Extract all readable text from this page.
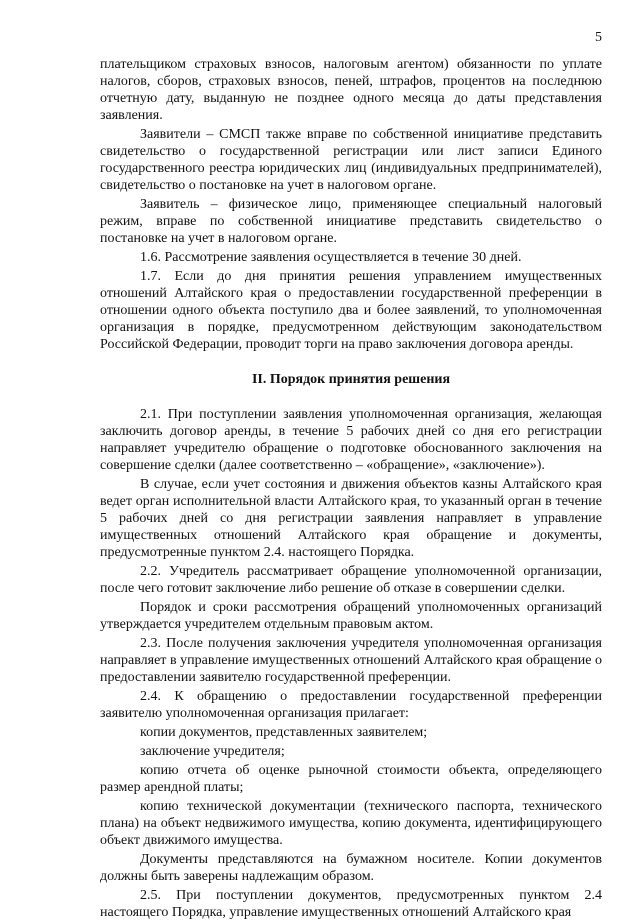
5

плательщиком страховых взносов, налоговым агентом) обязанности по уплате налогов, сборов, страховых взносов, пеней, штрафов, процентов на последнюю отчетную дату, выданную не позднее одного месяца до даты представления заявления.

Заявители – СМСП также вправе по собственной инициативе представить свидетельство о государственной регистрации или лист записи Единого государственного реестра юридических лиц (индивидуальных предпринимателей), свидетельство о постановке на учет в налоговом органе.

Заявитель – физическое лицо, применяющее специальный налоговый режим, вправе по собственной инициативе представить свидетельство о постановке на учет в налоговом органе.

1.6. Рассмотрение заявления осуществляется в течение 30 дней.

1.7. Если до дня принятия решения управлением имущественных отношений Алтайского края о предоставлении государственной преференции в отношении одного объекта поступило два и более заявлений, то уполномоченная организация в порядке, предусмотренном действующим законодательством Российской Федерации, проводит торги на право заключения договора аренды.

II. Порядок принятия решения

2.1. При поступлении заявления уполномоченная организация, желающая заключить договор аренды, в течение 5 рабочих дней со дня его регистрации направляет учредителю обращение о подготовке обоснованного заключения на совершение сделки (далее соответственно – «обращение», «заключение»).

В случае, если учет состояния и движения объектов казны Алтайского края ведет орган исполнительной власти Алтайского края, то указанный орган в течение 5 рабочих дней со дня регистрации заявления направляет в управление имущественных отношений Алтайского края обращение и документы, предусмотренные пунктом 2.4. настоящего Порядка.

2.2. Учредитель рассматривает обращение уполномоченной организации, после чего готовит заключение либо решение об отказе в совершении сделки.

Порядок и сроки рассмотрения обращений уполномоченных организаций утверждается учредителем отдельным правовым актом.

2.3. После получения заключения учредителя уполномоченная организация направляет в управление имущественных отношений Алтайского края обращение о предоставлении заявителю государственной преференции.

2.4. К обращению о предоставлении государственной преференции заявителю уполномоченная организация прилагает:

копии документов, представленных заявителем;

заключение учредителя;

копию отчета об оценке рыночной стоимости объекта, определяющего размер арендной платы;

копию технической документации (технического паспорта, технического плана) на объект недвижимого имущества, копию документа, идентифицирующего объект движимого имущества.

Документы представляются на бумажном носителе. Копии документов должны быть заверены надлежащим образом.

2.5. При поступлении документов, предусмотренных пунктом 2.4 настоящего Порядка, управление имущественных отношений Алтайского края
